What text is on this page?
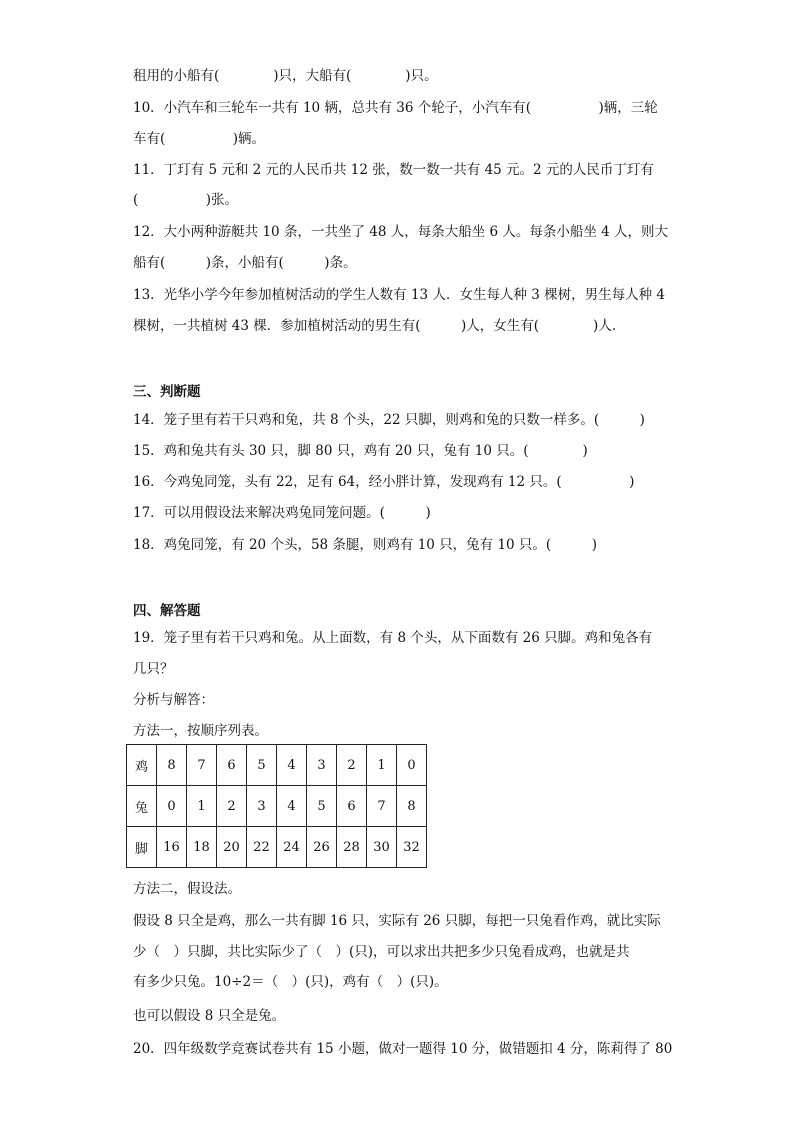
租用的小船有(　　　　)只，大船有(　　　　)只。
10．小汽车和三轮车一共有 10 辆，总共有 36 个轮子，小汽车有(　　　　　)辆，三轮
车有(　　　　　)辆。
11．丁玎有 5 元和 2 元的人民币共 12 张，数一数一共有 45 元。2 元的人民币丁玎有
(　　　　　)张。
12．大小两种游艇共 10 条，一共坐了 48 人，每条大船坐 6 人。每条小船坐 4 人，则大
船有(　　　)条，小船有(　　　)条。
13．光华小学今年参加植树活动的学生人数有 13 人．女生每人种 3 棵树，男生每人种 4
棵树，一共植树 43 棵．参加植树活动的男生有(　　　)人，女生有(　　　　)人．
三、判断题
14．笼子里有若干只鸡和兔，共 8 个头，22 只脚，则鸡和兔的只数一样多。(　　　)
15．鸡和兔共有头 30 只，脚 80 只，鸡有 20 只，兔有 10 只。(　　　　)
16．今鸡兔同笼，头有 22，足有 64，经小胖计算，发现鸡有 12 只。(　　　　　)
17．可以用假设法来解决鸡兔同笼问题。(　　　)
18．鸡兔同笼，有 20 个头，58 条腿，则鸡有 10 只，兔有 10 只。(　　　)
四、解答题
19．笼子里有若干只鸡和兔。从上面数，有 8 个头，从下面数有 26 只脚。鸡和兔各有
几只？
分析与解答：
方法一，按顺序列表。
鸡	8	7	6	5	4	3	2	1	0
兔	0	1	2	3	4	5	6	7	8
脚	16	18	20	22	24	26	28	30	32
方法二，假设法。
假设 8 只全是鸡，那么一共有脚 16 只，实际有 26 只脚，每把一只兔看作鸡，就比实际
少（　）只脚，共比实际少了（　）(只)，可以求出共把多少只兔看成鸡，也就是共
有多少只兔。10÷2＝（　）(只)，鸡有（　）(只)。
也可以假设 8 只全是兔。
20．四年级数学竞赛试卷共有 15 小题，做对一题得 10 分，做错题扣 4 分，陈莉得了 80
